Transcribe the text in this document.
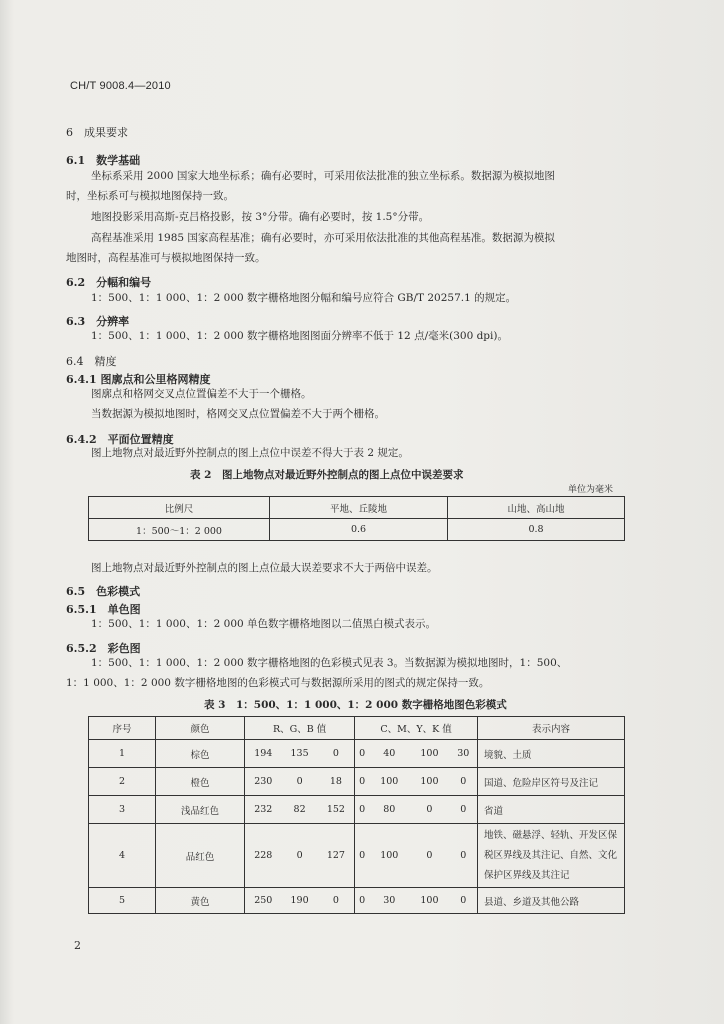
CH/T 9008.4—2010
6　成果要求
6.1　数学基础
坐标系采用 2000 国家大地坐标系；确有必要时，可采用依法批准的独立坐标系。数据源为模拟地图
时，坐标系可与模拟地图保持一致。
地图投影采用高斯-克吕格投影，按 3°分带。确有必要时，按 1.5°分带。
高程基准采用 1985 国家高程基准；确有必要时，亦可采用依法批准的其他高程基准。数据源为模拟
地图时，高程基准可与模拟地图保持一致。
6.2　分幅和编号
1：500、1：1 000、1：2 000 数字栅格地图分幅和编号应符合 GB/T 20257.1 的规定。
6.3　分辨率
1：500、1：1 000、1：2 000 数字栅格地图图面分辨率不低于 12 点/毫米(300 dpi)。
6.4　精度
6.4.1 图廓点和公里格网精度
图廓点和格网交叉点位置偏差不大于一个栅格。
当数据源为模拟地图时，格网交叉点位置偏差不大于两个栅格。
6.4.2　平面位置精度
图上地物点对最近野外控制点的图上点位中误差不得大于表 2 规定。
表 2　图上地物点对最近野外控制点的图上点位中误差要求
单位为毫米
比例尺	平地、丘陵地	山地、高山地
1：500～1：2 000	0.6	0.8
图上地物点对最近野外控制点的图上点位最大误差要求不大于两倍中误差。
6.5　色彩模式
6.5.1　单色图
1：500、1：1 000、1：2 000 单色数字栅格地图以二值黑白模式表示。
6.5.2　彩色图
1：500、1：1 000、1：2 000 数字栅格地图的色彩模式见表 3。当数据源为模拟地图时，1：500、
1：1 000、1：2 000 数字栅格地图的色彩模式可与数据源所采用的图式的规定保持一致。
表 3　1：500、1：1 000、1：2 000 数字栅格地图色彩模式
序号	颜色	R、G、B 值			C、M、Y、K 值				表示内容
1	棕色	194	135	0	0	40	100	30	境貌、土质
2	橙色	230	0	18	0	100	100	0	国道、危险岸区符号及注记
3	浅品红色	232	82	152	0	80	0	0	省道
4	品红色	228	0	127	0	100	0	0	地铁、磁悬浮、轻轨、开发区保
税区界线及其注记、自然、文化
保护区界线及其注记

5	黄色	250	190	0	0	30	100	0	县道、乡道及其他公路
2
